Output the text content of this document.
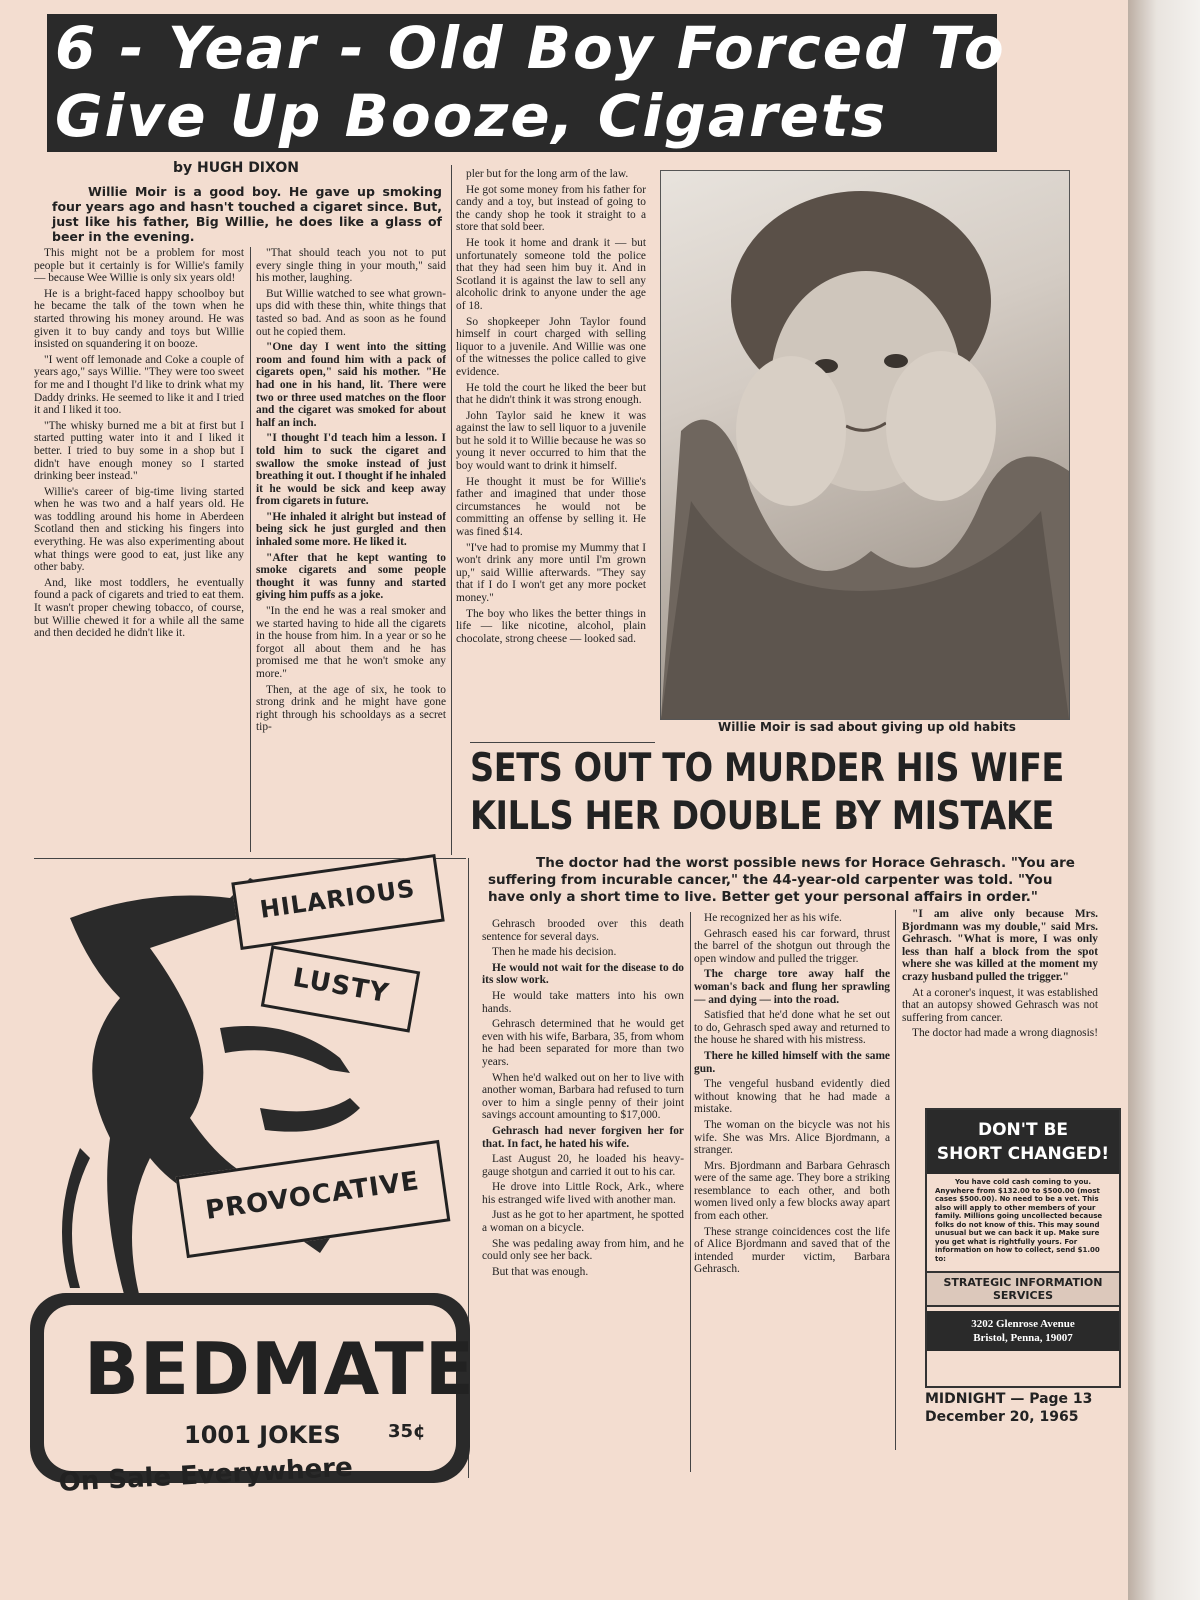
6 - Year - Old Boy Forced To
Give Up Booze, Cigarets
by HUGH DIXON
Willie Moir is a good boy. He gave up smoking four years ago and hasn't touched a cigaret since. But, just like his father, Big Willie, he does like a glass of beer in the evening.

This might not be a problem for most people but it certainly is for Willie's family — because Wee Willie is only six years old!

He is a bright-faced happy schoolboy but he became the talk of the town when he started throwing his money around. He was given it to buy candy and toys but Willie insisted on squandering it on booze.

"I went off lemonade and Coke a couple of years ago," says Willie. "They were too sweet for me and I thought I'd like to drink what my Daddy drinks. He seemed to like it and I tried it and I liked it too.

"The whisky burned me a bit at first but I started putting water into it and I liked it better. I tried to buy some in a shop but I didn't have enough money so I started drinking beer instead."

Willie's career of big-time living started when he was two and a half years old. He was toddling around his home in Aberdeen Scotland then and sticking his fingers into everything. He was also experimenting about what things were good to eat, just like any other baby.

And, like most toddlers, he eventually found a pack of cigarets and tried to eat them. It wasn't proper chewing tobacco, of course, but Willie chewed it for a while all the same and then decided he didn't like it.

"That should teach you not to put every single thing in your mouth," said his mother, laughing.

But Willie watched to see what grown-ups did with these thin, white things that tasted so bad. And as soon as he found out he copied them.

"One day I went into the sitting room and found him with a pack of cigarets open," said his mother. "He had one in his hand, lit. There were two or three used matches on the floor and the cigaret was smoked for about half an inch.

"I thought I'd teach him a lesson. I told him to suck the cigaret and swallow the smoke instead of just breathing it out. I thought if he inhaled it he would be sick and keep away from cigarets in future.

"He inhaled it alright but instead of being sick he just gurgled and then inhaled some more. He liked it.

"After that he kept wanting to smoke cigarets and some people thought it was funny and started giving him puffs as a joke.

"In the end he was a real smoker and we started having to hide all the cigarets in the house from him. In a year or so he forgot all about them and he has promised me that he won't smoke any more."

Then, at the age of six, he took to strong drink and he might have gone right through his schooldays as a secret tip-

pler but for the long arm of the law.

He got some money from his father for candy and a toy, but instead of going to the candy shop he took it straight to a store that sold beer.

He took it home and drank it — but unfortunately someone told the police that they had seen him buy it. And in Scotland it is against the law to sell any alcoholic drink to anyone under the age of 18.

So shopkeeper John Taylor found himself in court charged with selling liquor to a juvenile. And Willie was one of the witnesses the police called to give evidence.

He told the court he liked the beer but that he didn't think it was strong enough.

John Taylor said he knew it was against the law to sell liquor to a juvenile but he sold it to Willie because he was so young it never occurred to him that the boy would want to drink it himself.

He thought it must be for Willie's father and imagined that under those circumstances he would not be committing an offense by selling it. He was fined $14.

"I've had to promise my Mummy that I won't drink any more until I'm grown up," said Willie afterwards. "They say that if I do I won't get any more pocket money."

The boy who likes the better things in life — like nicotine, alcohol, plain chocolate, strong cheese — looked sad.

Willie Moir is sad about giving up old habits
SETS OUT TO MURDER HIS WIFE
KILLS HER DOUBLE BY MISTAKE
The doctor had the worst possible news for Horace Gehrasch. "You are suffering from incurable cancer," the 44-year-old carpenter was told. "You have only a short time to live. Better get your personal affairs in order."

Gehrasch brooded over this death sentence for several days.

Then he made his decision.

He would not wait for the disease to do its slow work.

He would take matters into his own hands.

Gehrasch determined that he would get even with his wife, Barbara, 35, from whom he had been separated for more than two years.

When he'd walked out on her to live with another woman, Barbara had refused to turn over to him a single penny of their joint savings account amounting to $17,000.

Gehrasch had never forgiven her for that. In fact, he hated his wife.

Last August 20, he loaded his heavy-gauge shotgun and carried it out to his car.

He drove into Little Rock, Ark., where his estranged wife lived with another man.

Just as he got to her apartment, he spotted a woman on a bicycle.

She was pedaling away from him, and he could only see her back.

But that was enough.

He recognized her as his wife.

Gehrasch eased his car forward, thrust the barrel of the shotgun out through the open window and pulled the trigger.

The charge tore away half the woman's back and flung her sprawling — and dying — into the road.

Satisfied that he'd done what he set out to do, Gehrasch sped away and returned to the house he shared with his mistress.

There he killed himself with the same gun.

The vengeful husband evidently died without knowing that he had made a mistake.

The woman on the bicycle was not his wife. She was Mrs. Alice Bjordmann, a stranger.

Mrs. Bjordmann and Barbara Gehrasch were of the same age. They bore a striking resemblance to each other, and both women lived only a few blocks away apart from each other.

These strange coincidences cost the life of Alice Bjordmann and saved that of the intended murder victim, Barbara Gehrasch.

"I am alive only because Mrs. Bjordmann was my double," said Mrs. Gehrasch. "What is more, I was only less than half a block from the spot where she was killed at the moment my crazy husband pulled the trigger."

At a coroner's inquest, it was established that an autopsy showed Gehrasch was not suffering from cancer.

The doctor had made a wrong diagnosis!

HILARIOUS
LUSTY
PROVOCATIVE
BEDMATE
1001 JOKES	35¢
On Sale Everywhere
DON'T BE
SHORT CHANGED!
You have cold cash coming to you.
Anywhere from $132.00 to $500.00 (most cases $500.00). No need to be a vet. This also will apply to other members of your family. Millions going uncollected because folks do not know of this. This may sound unusual but we can back it up. Make sure you get what is rightfully yours. For information on how to collect, send $1.00 to:
STRATEGIC INFORMATION SERVICES
3202 Glenrose Avenue
Bristol, Penna, 19007
MIDNIGHT — Page 13
December 20, 1965
